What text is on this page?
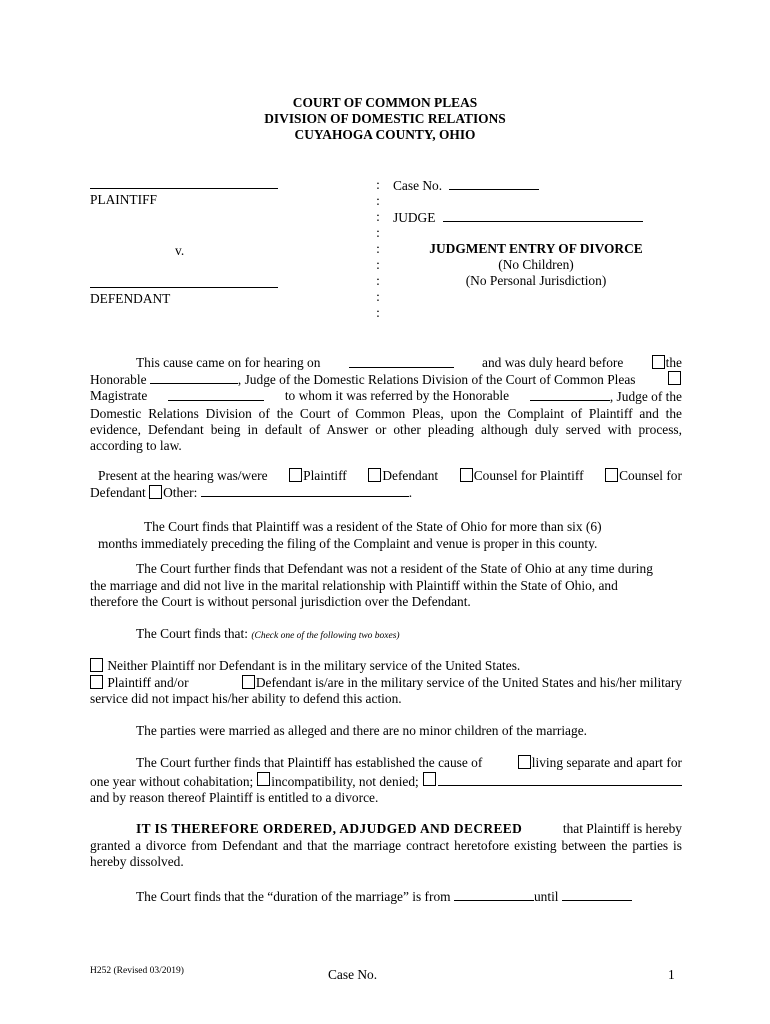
COURT OF COMMON PLEAS
DIVISION OF DOMESTIC RELATIONS
CUYAHOGA COUNTY, OHIO
PLAINTIFF
v.
DEFENDANT
:
:
:
:
:
:
:
:
:
Case No.
JUDGE
JUDGMENT ENTRY OF DIVORCE
(No Children)
(No Personal Jurisdiction)
This cause came on for hearing on	and was duly heard before	the
Honorable	, Judge of the Domestic Relations Division of the Court of Common Pleas
Magistrate	to whom it was referred by the Honorable	, Judge of the

Domestic Relations Division of the Court of Common Pleas, upon the Complaint of Plaintiff and the

evidence, Defendant being in default of Answer or other pleading although duly served with process,

according to law.

Present at the hearing was/were	Plaintiff	Defendant	Counsel for Plaintiff	Counsel for
Defendant Other:	.

The Court finds that Plaintiff was a resident of the State of Ohio for more than six (6)

months immediately preceding the filing of the Complaint and venue is proper in this county.

The Court further finds that Defendant was not a resident of the State of Ohio at any time during

the marriage and did not live in the marital relationship with Plaintiff within the State of Ohio, and

therefore the Court is without personal jurisdiction over the Defendant.

The Court finds that: (Check one of the following two boxes)
Neither Plaintiff nor Defendant is in the military service of the United States.
Plaintiff and/or	Defendant is/are in the military service of the United States and his/her military

service did not impact his/her ability to defend this action.

The parties were married as alleged and there are no minor children of the marriage.
The Court further finds that Plaintiff has established the cause of	living separate and apart for
one year without cohabitation; incompatibility, not denied;

and by reason thereof Plaintiff is entitled to a divorce.

IT IS THEREFORE ORDERED, ADJUDGED AND DECREED	that Plaintiff is hereby

granted a divorce from Defendant and that the marriage contract heretofore existing between the parties is

hereby dissolved.

The Court finds that the “duration of the marriage” is from	until
H252 (Revised 03/2019)	Case No.	1
